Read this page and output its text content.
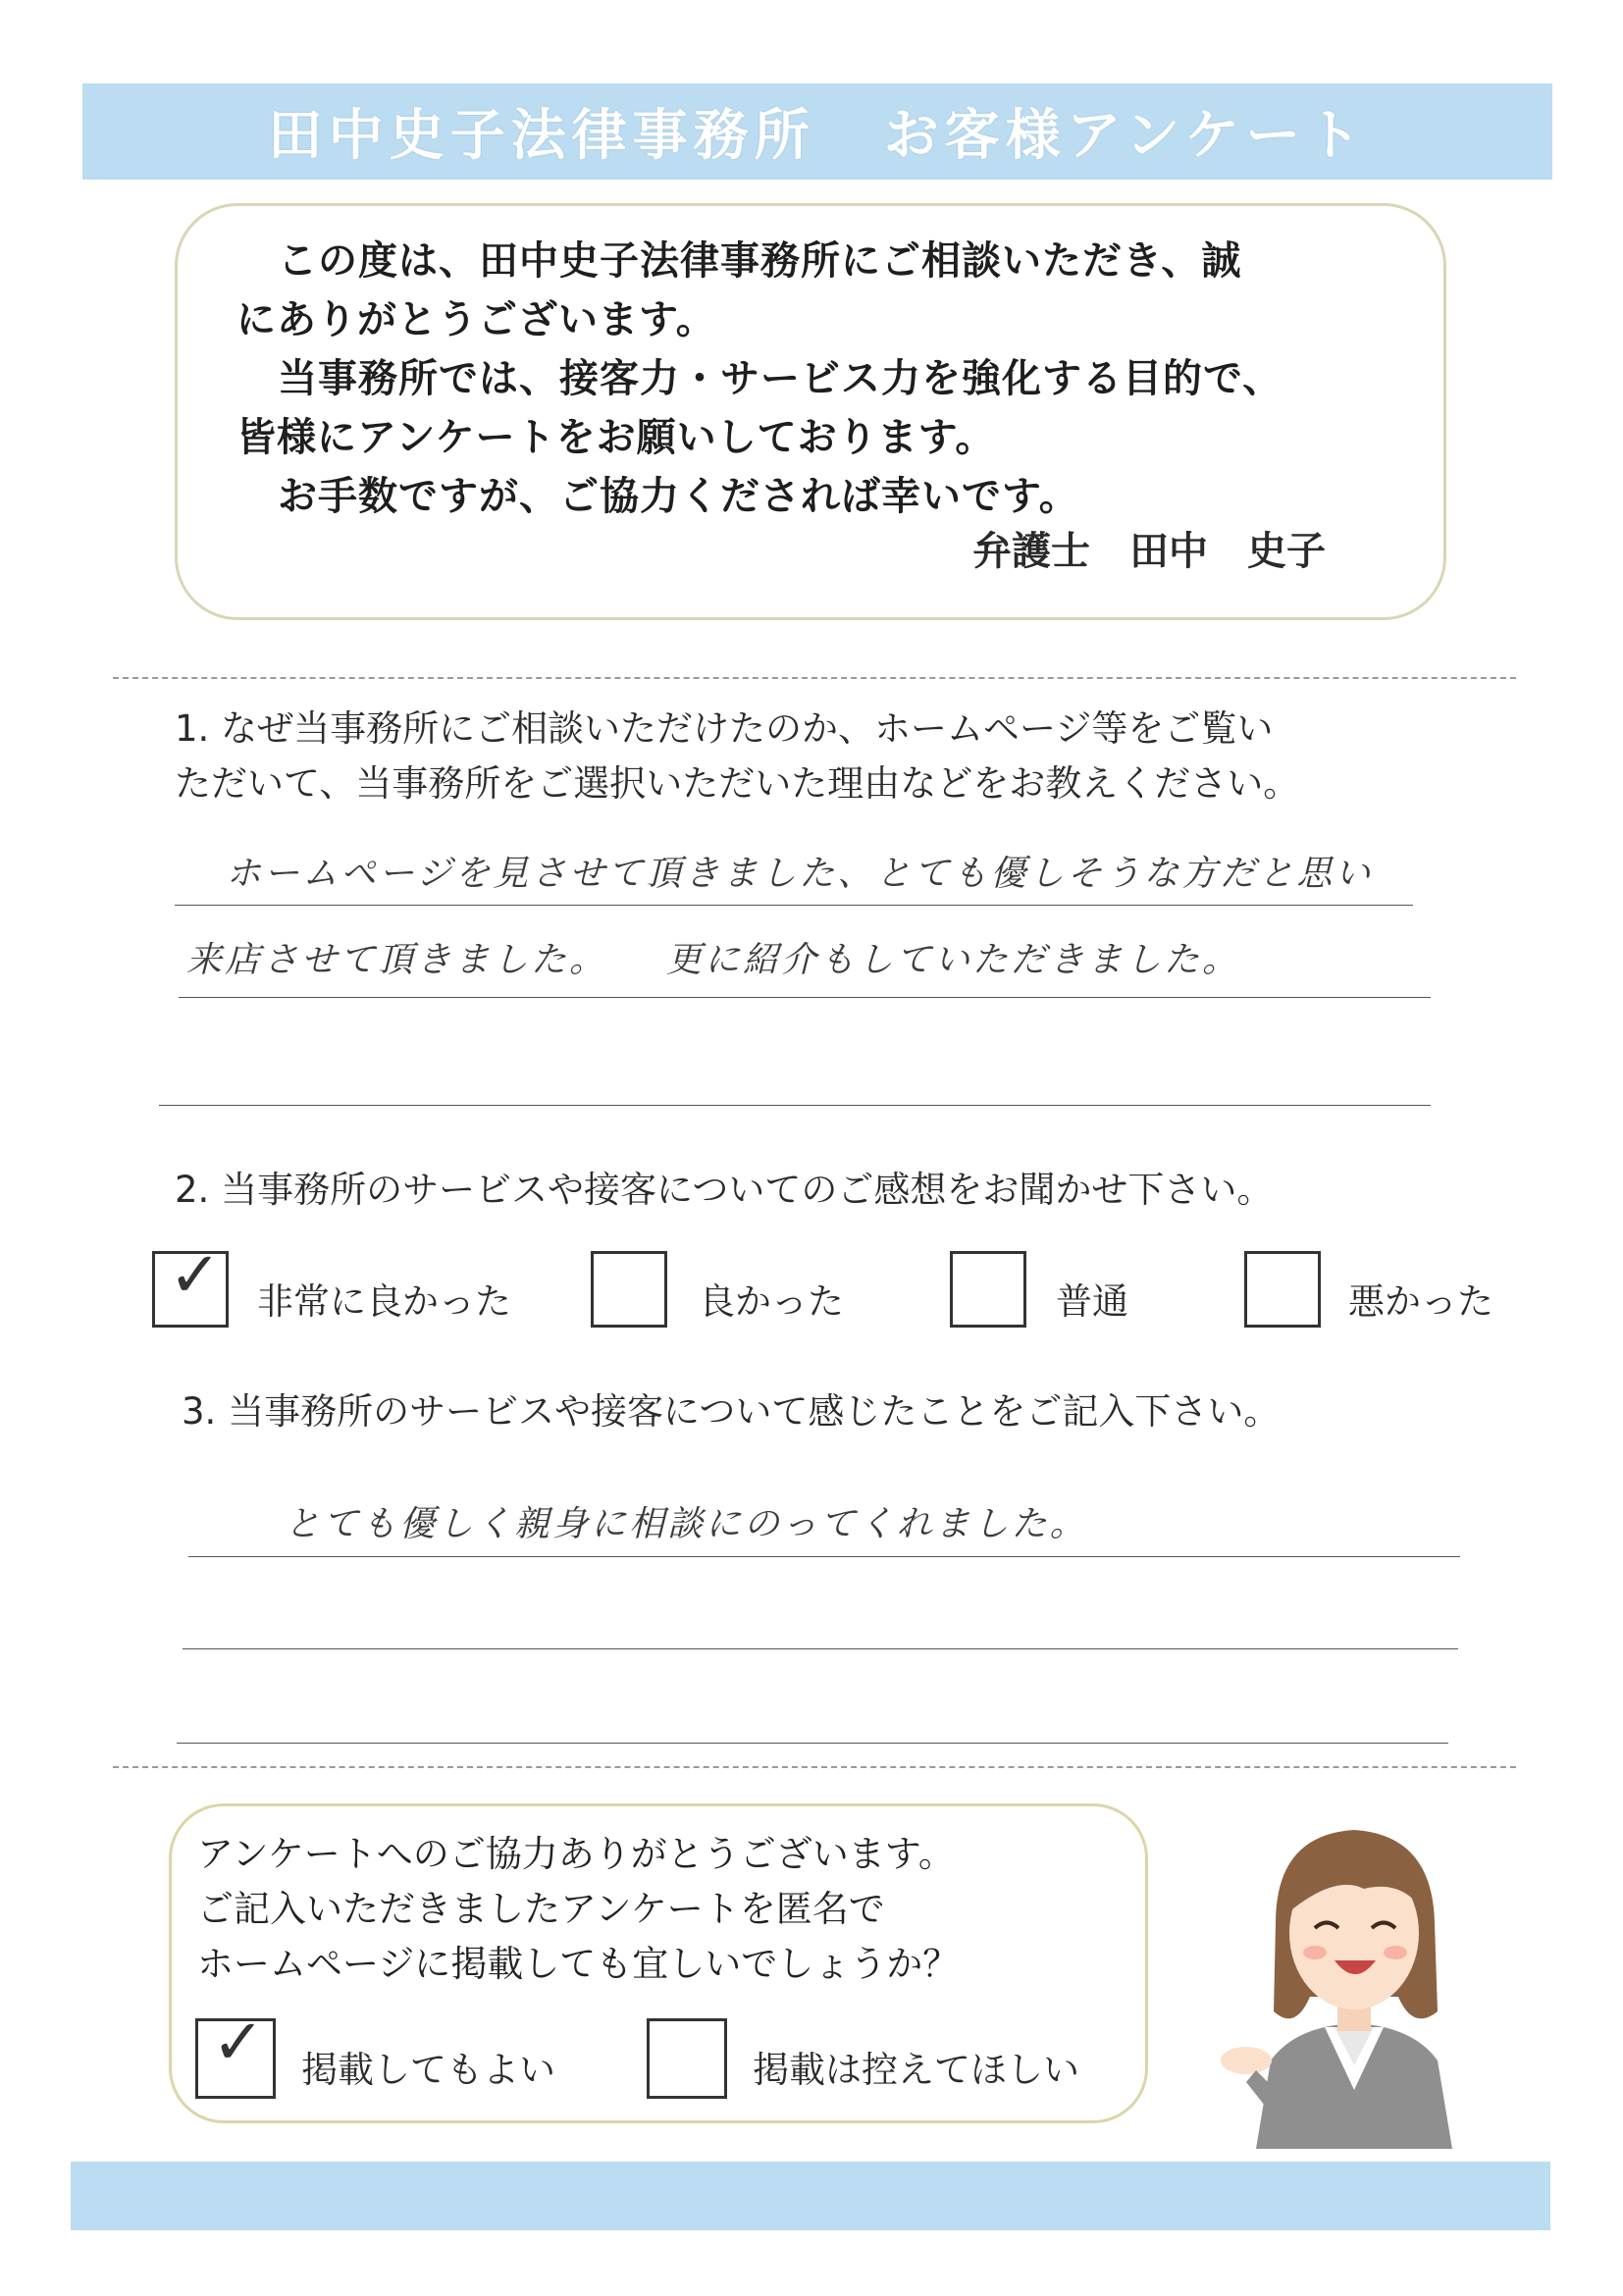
田中史子法律事務所 お客様アンケート
この度は、田中史子法律事務所にご相談いただき、誠
にありがとうございます。
当事務所では、接客力・サービス力を強化する目的で、
皆様にアンケートをお願いしております。
お手数ですが、ご協力くだされば幸いです。
弁護士　田中　史子
1. なぜ当事務所にご相談いただけたのか、ホームページ等をご覧い
ただいて、当事務所をご選択いただいた理由などをお教えください。
ホームページを見させて頂きました、とても優しそうな方だと思い
来店させて頂きました。　　更に紹介もしていただきました。
2. 当事務所のサービスや接客についてのご感想をお聞かせ下さい。
✓ 非常に良かった	良かった	普通	悪かった
3. 当事務所のサービスや接客について感じたことをご記入下さい。
とても優しく親身に相談にのってくれました。
アンケートへのご協力ありがとうございます。
ご記入いただきましたアンケートを匿名で
ホームページに掲載しても宜しいでしょうか？
✓ 掲載してもよい	掲載は控えてほしい
